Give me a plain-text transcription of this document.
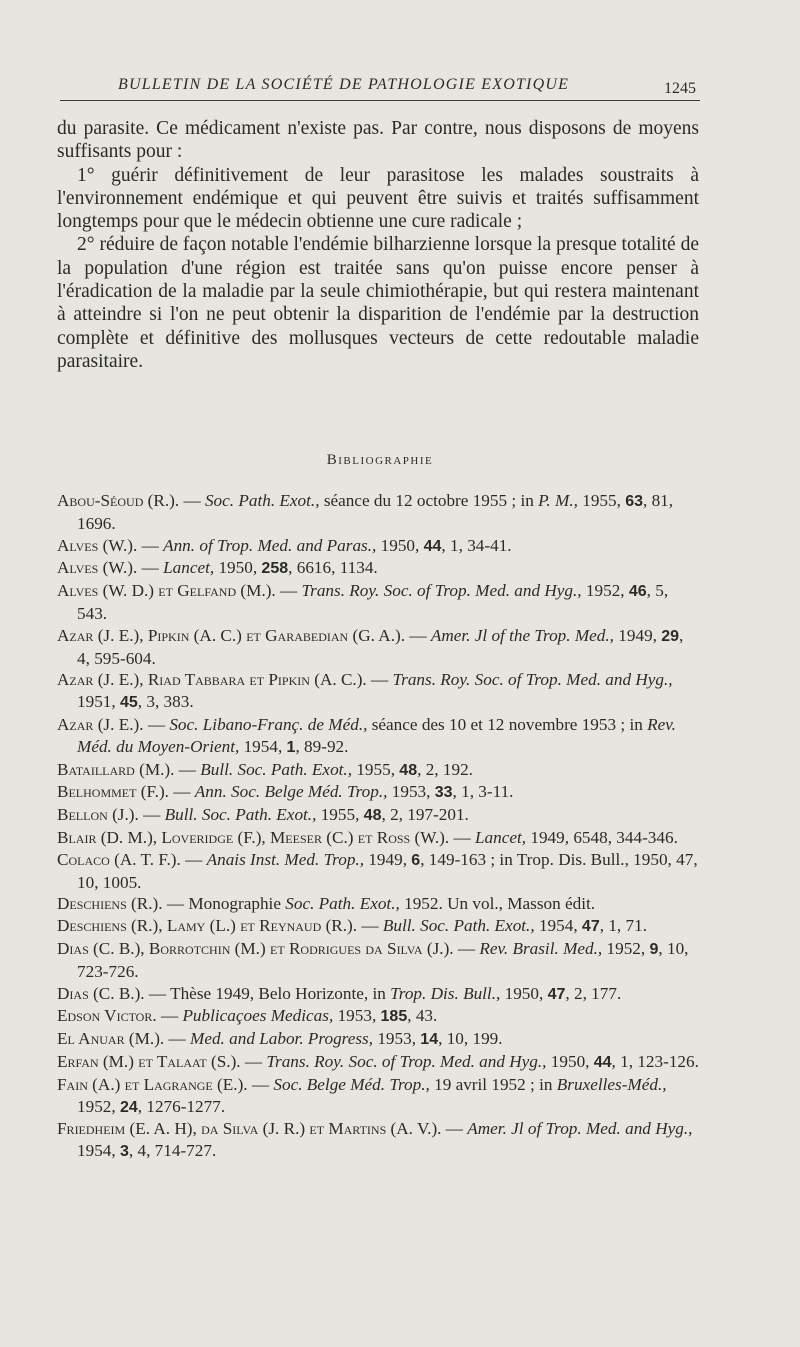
BULLETIN DE LA SOCIÉTÉ DE PATHOLOGIE EXOTIQUE	1245

du parasite. Ce médicament n'existe pas. Par contre, nous disposons de moyens suffisants pour :

1° guérir définitivement de leur parasitose les malades soustraits à l'environnement endémique et qui peuvent être suivis et traités suffisamment longtemps pour que le médecin obtienne une cure radicale ;

2° réduire de façon notable l'endémie bilharzienne lorsque la presque totalité de la population d'une région est traitée sans qu'on puisse encore penser à l'éradication de la maladie par la seule chimiothérapie, but qui restera maintenant à atteindre si l'on ne peut obtenir la disparition de l'endémie par la destruction complète et définitive des mollusques vecteurs de cette redoutable maladie parasitaire.

Bibliographie

Abou-Séoud (R.). — Soc. Path. Exot., séance du 12 octobre 1955 ; in P. M., 1955, 63, 81, 1696.

Alves (W.). — Ann. of Trop. Med. and Paras., 1950, 44, 1, 34-41.

Alves (W.). — Lancet, 1950, 258, 6616, 1134.

Alves (W. D.) et Gelfand (M.). — Trans. Roy. Soc. of Trop. Med. and Hyg., 1952, 46, 5, 543.

Azar (J. E.), Pipkin (A. C.) et Garabedian (G. A.). — Amer. Jl of the Trop. Med., 1949, 29, 4, 595-604.

Azar (J. E.), Riad Tabbara et Pipkin (A. C.). — Trans. Roy. Soc. of Trop. Med. and Hyg., 1951, 45, 3, 383.

Azar (J. E.). — Soc. Libano-Franç. de Méd., séance des 10 et 12 novembre 1953 ; in Rev. Méd. du Moyen-Orient, 1954, 1, 89-92.

Bataillard (M.). — Bull. Soc. Path. Exot., 1955, 48, 2, 192.

Belhommet (F.). — Ann. Soc. Belge Méd. Trop., 1953, 33, 1, 3-11.

Bellon (J.). — Bull. Soc. Path. Exot., 1955, 48, 2, 197-201.

Blair (D. M.), Loveridge (F.), Meeser (C.) et Ross (W.). — Lancet, 1949, 6548, 344-346.

Colaco (A. T. F.). — Anais Inst. Med. Trop., 1949, 6, 149-163 ; in Trop. Dis. Bull., 1950, 47, 10, 1005.

Deschiens (R.). — Monographie Soc. Path. Exot., 1952. Un vol., Masson édit.

Deschiens (R.), Lamy (L.) et Reynaud (R.). — Bull. Soc. Path. Exot., 1954, 47, 1, 71.

Dias (C. B.), Borrotchin (M.) et Rodrigues da Silva (J.). — Rev. Brasil. Med., 1952, 9, 10, 723-726.

Dias (C. B.). — Thèse 1949, Belo Horizonte, in Trop. Dis. Bull., 1950, 47, 2, 177.

Edson Victor. — Publicaçoes Medicas, 1953, 185, 43.

El Anuar (M.). — Med. and Labor. Progress, 1953, 14, 10, 199.

Erfan (M.) et Talaat (S.). — Trans. Roy. Soc. of Trop. Med. and Hyg., 1950, 44, 1, 123-126.

Fain (A.) et Lagrange (E.). — Soc. Belge Méd. Trop., 19 avril 1952 ; in Bruxelles-Méd., 1952, 24, 1276-1277.

Friedheim (E. A. H), da Silva (J. R.) et Martins (A. V.). — Amer. Jl of Trop. Med. and Hyg., 1954, 3, 4, 714-727.
